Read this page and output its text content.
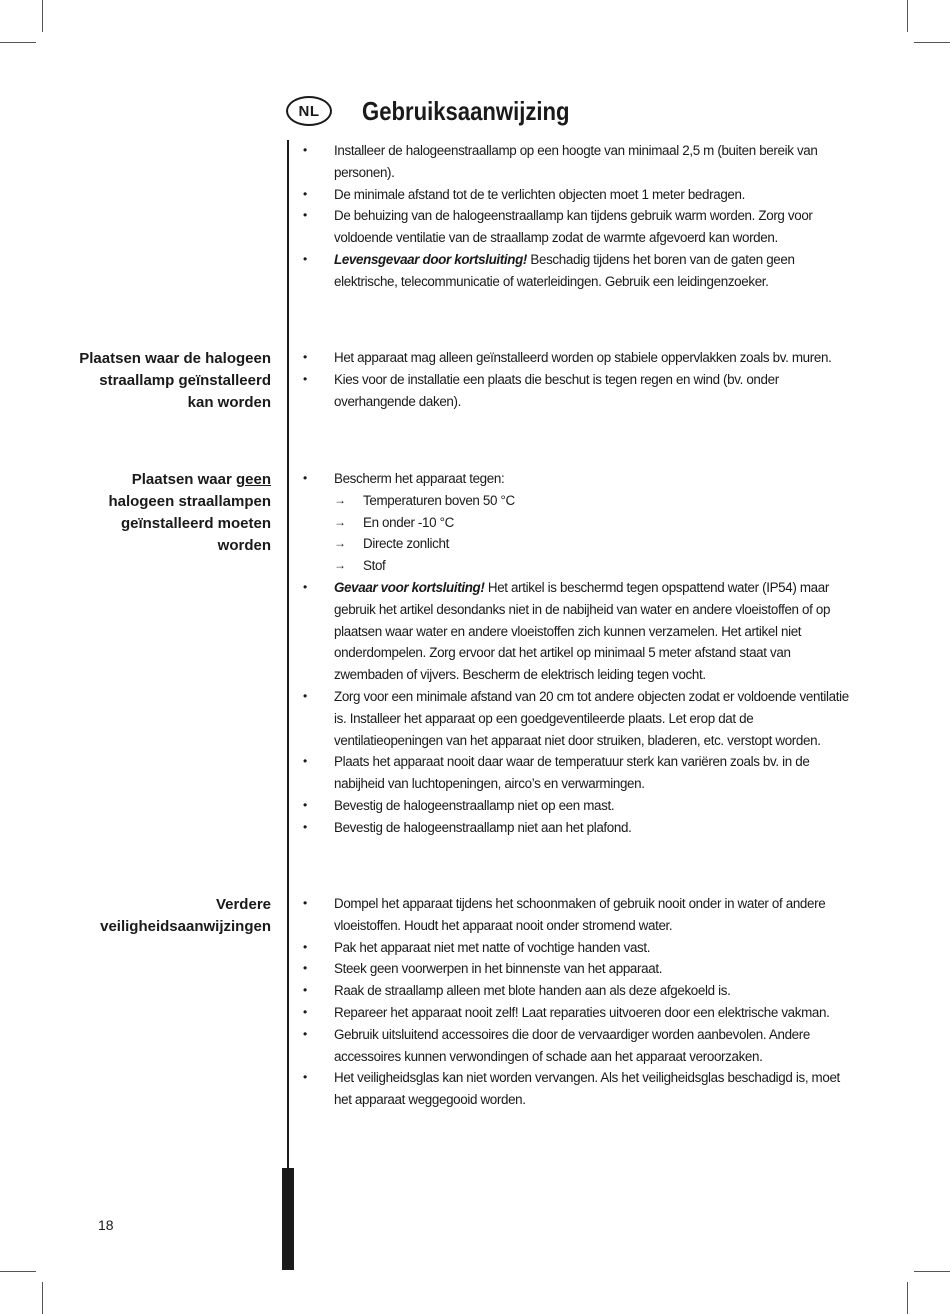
NL	Gebruiksaanwijzing
• Installeer de halogeenstraallamp op een hoogte van minimaal 2,5 m (buiten bereik van personen).
• De minimale afstand tot de te verlichten objecten moet 1 meter bedragen.
• De behuizing van de halogeenstraallamp kan tijdens gebruik warm worden. Zorg voor voldoende ventilatie van de straallamp zodat de warmte afgevoerd kan worden.
• Levensgevaar door kortsluiting! Beschadig tijdens het boren van de gaten geen elektrische, telecommunicatie of waterleidingen. Gebruik een leidingenzoeker.
Plaatsen waar de halogeen straallamp geïnstalleerd kan worden
• Het apparaat mag alleen geïnstalleerd worden op stabiele oppervlakken zoals bv. muren.
• Kies voor de installatie een plaats die beschut is tegen regen en wind (bv. onder overhangende daken).
Plaatsen waar geen halogeen straallampen geïnstalleerd moeten worden
• Bescherm het apparaat tegen:
→ Temperaturen boven 50 °C
→ En onder -10 °C
→ Directe zonlicht
→ Stof
• Gevaar voor kortsluiting! Het artikel is beschermd tegen opspattend water (IP54) maar gebruik het artikel desondanks niet in de nabijheid van water en andere vloeistoffen of op plaatsen waar water en andere vloeistoffen zich kunnen verzamelen. Het artikel niet onderdompelen. Zorg ervoor dat het artikel op minimaal 5 meter afstand staat van zwembaden of vijvers. Bescherm de elektrisch leiding tegen vocht.
• Zorg voor een minimale afstand van 20 cm tot andere objecten zodat er voldoende ventilatie is. Installeer het apparaat op een goedgeventileerde plaats. Let erop dat de ventilatieopeningen van het apparaat niet door struiken, bladeren, etc. verstopt worden.
• Plaats het apparaat nooit daar waar de temperatuur sterk kan variëren zoals bv. in de nabijheid van luchtopeningen, airco’s en verwarmingen.
• Bevestig de halogeenstraallamp niet op een mast.
• Bevestig de halogeenstraallamp niet aan het plafond.
Verdere veiligheidsaanwijzingen
• Dompel het apparaat tijdens het schoonmaken of gebruik nooit onder in water of andere vloeistoffen. Houdt het apparaat nooit onder stromend water.
• Pak het apparaat niet met natte of vochtige handen vast.
• Steek geen voorwerpen in het binnenste van het apparaat.
• Raak de straallamp alleen met blote handen aan als deze afgekoeld is.
• Repareer het apparaat nooit zelf! Laat reparaties uitvoeren door een elektrische vakman.
• Gebruik uitsluitend accessoires die door de vervaardiger worden aanbevolen. Andere accessoires kunnen verwondingen of schade aan het apparaat veroorzaken.
• Het veiligheidsglas kan niet worden vervangen. Als het veiligheidsglas beschadigd is, moet het apparaat weggegooid worden.
18
